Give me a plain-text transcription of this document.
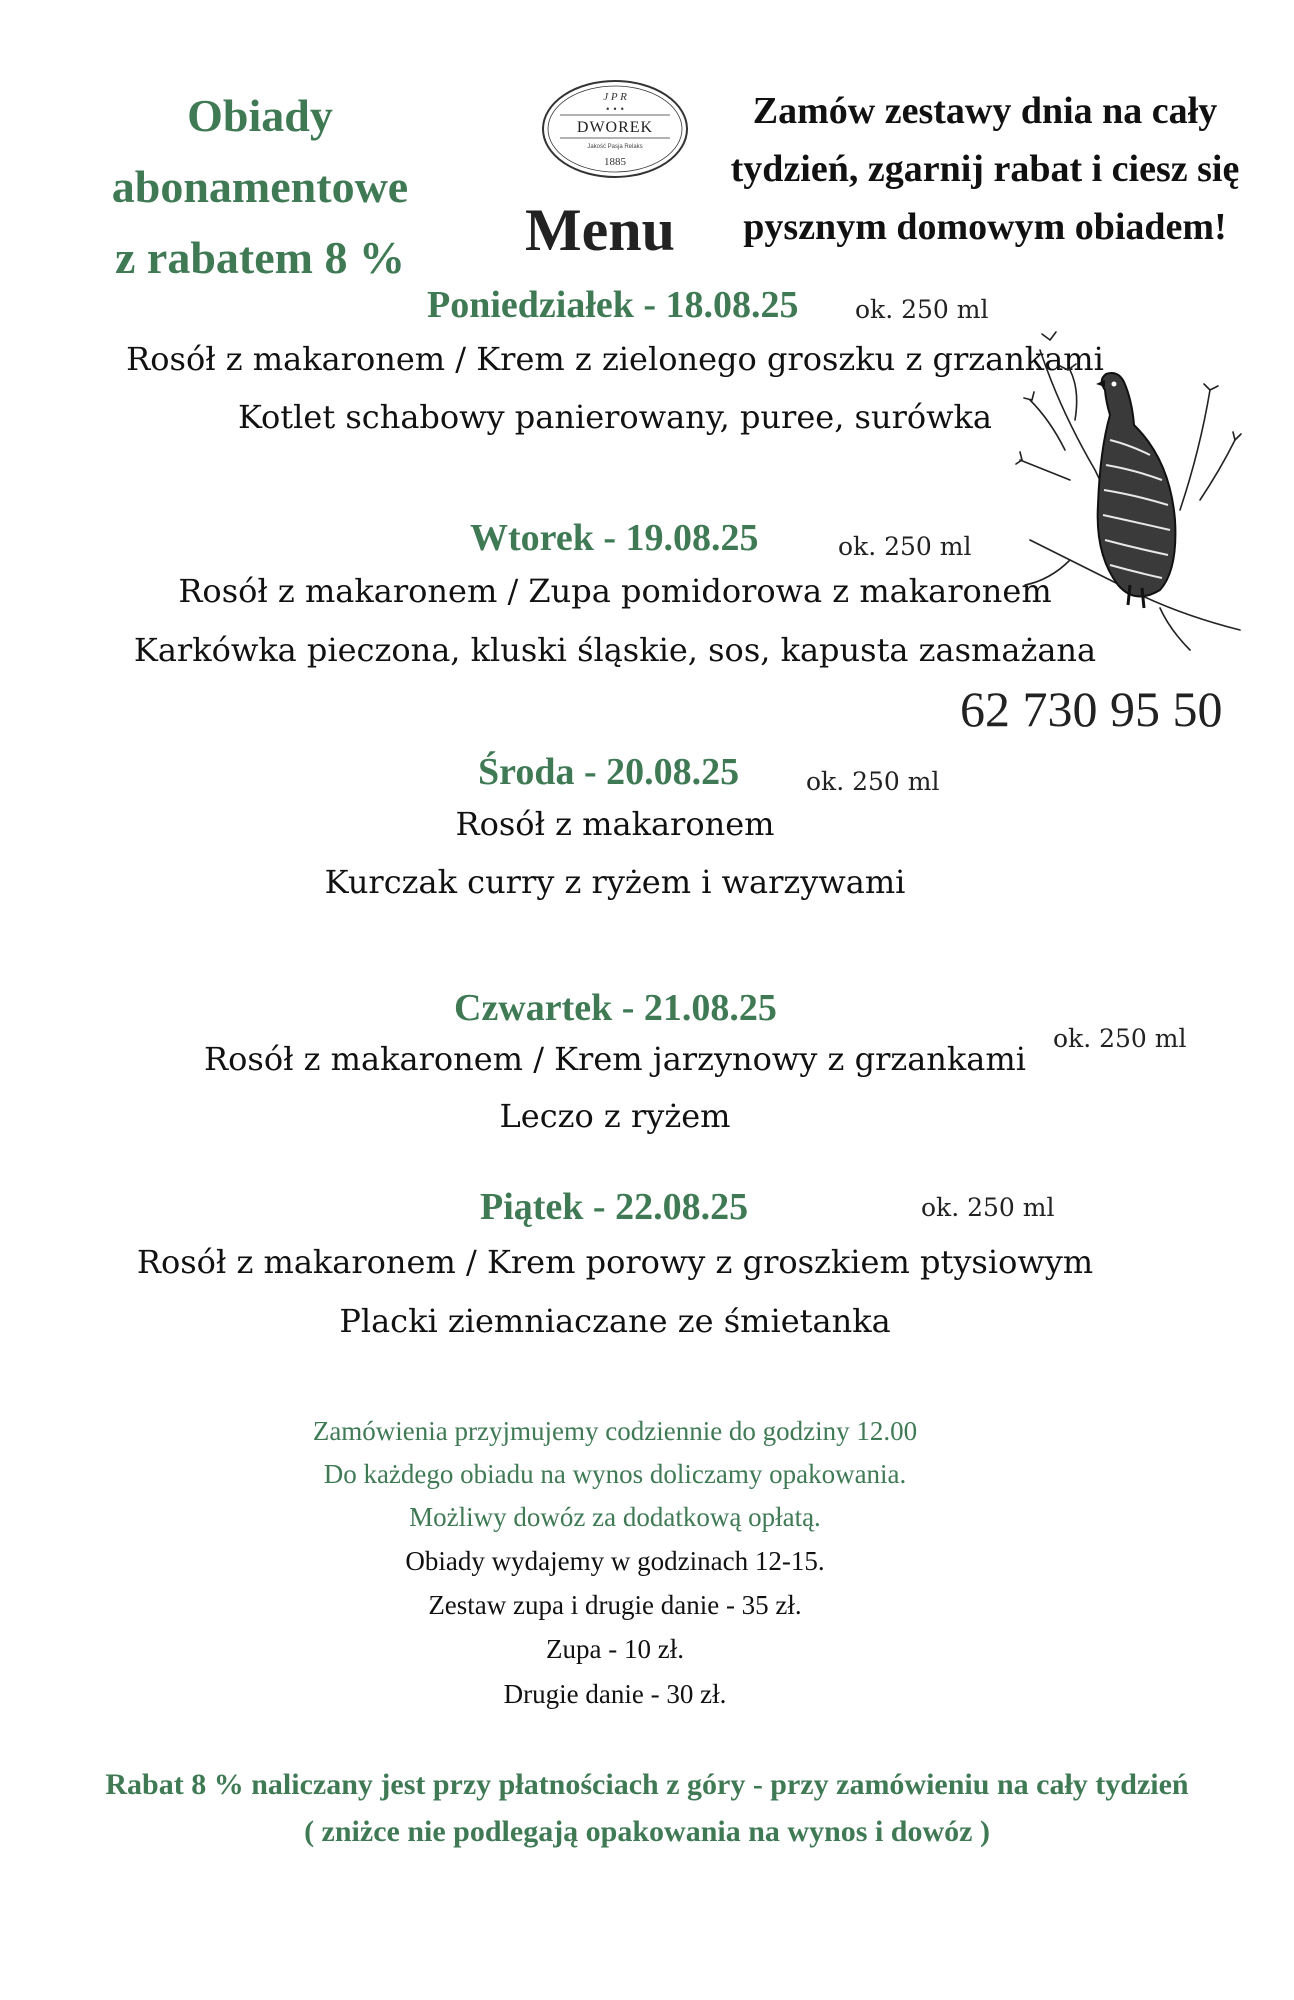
Obiady
abonamentowe
z rabatem 8 %
J P R
• • •
DWOREK
Jakość Pasja Relaks
1885
Menu
Zamów zestawy dnia na cały
tydzień, zgarnij rabat i ciesz się
pysznym domowym obiadem!
Poniedziałek - 18.08.25 ok. 250 ml
Rosół z makaronem / Krem z zielonego groszku z grzankami
Kotlet schabowy panierowany, puree, surówka
Wtorek - 19.08.25	ok. 250 ml
Rosół z makaronem / Zupa pomidorowa z makaronem
Karkówka pieczona, kluski śląskie, sos, kapusta zasmażana
62 730 95 50
Środa - 20.08.25	ok. 250 ml
Rosół z makaronem
Kurczak curry z ryżem i warzywami
Czwartek - 21.08.25
ok. 250 ml
Rosół z makaronem / Krem jarzynowy z grzankami
Leczo z ryżem
Piątek - 22.08.25	ok. 250 ml
Rosół z makaronem / Krem porowy z groszkiem ptysiowym
Placki ziemniaczane ze śmietanka
Zamówienia przyjmujemy codziennie do godziny 12.00
Do każdego obiadu na wynos doliczamy opakowania.
Możliwy dowóz za dodatkową opłatą.
Obiady wydajemy w godzinach 12-15.
Zestaw zupa i drugie danie - 35 zł.
Zupa - 10 zł.
Drugie danie - 30 zł.
Rabat 8 % naliczany jest przy płatnościach z góry - przy zamówieniu na cały tydzień
( zniżce nie podlegają opakowania na wynos i dowóz )
